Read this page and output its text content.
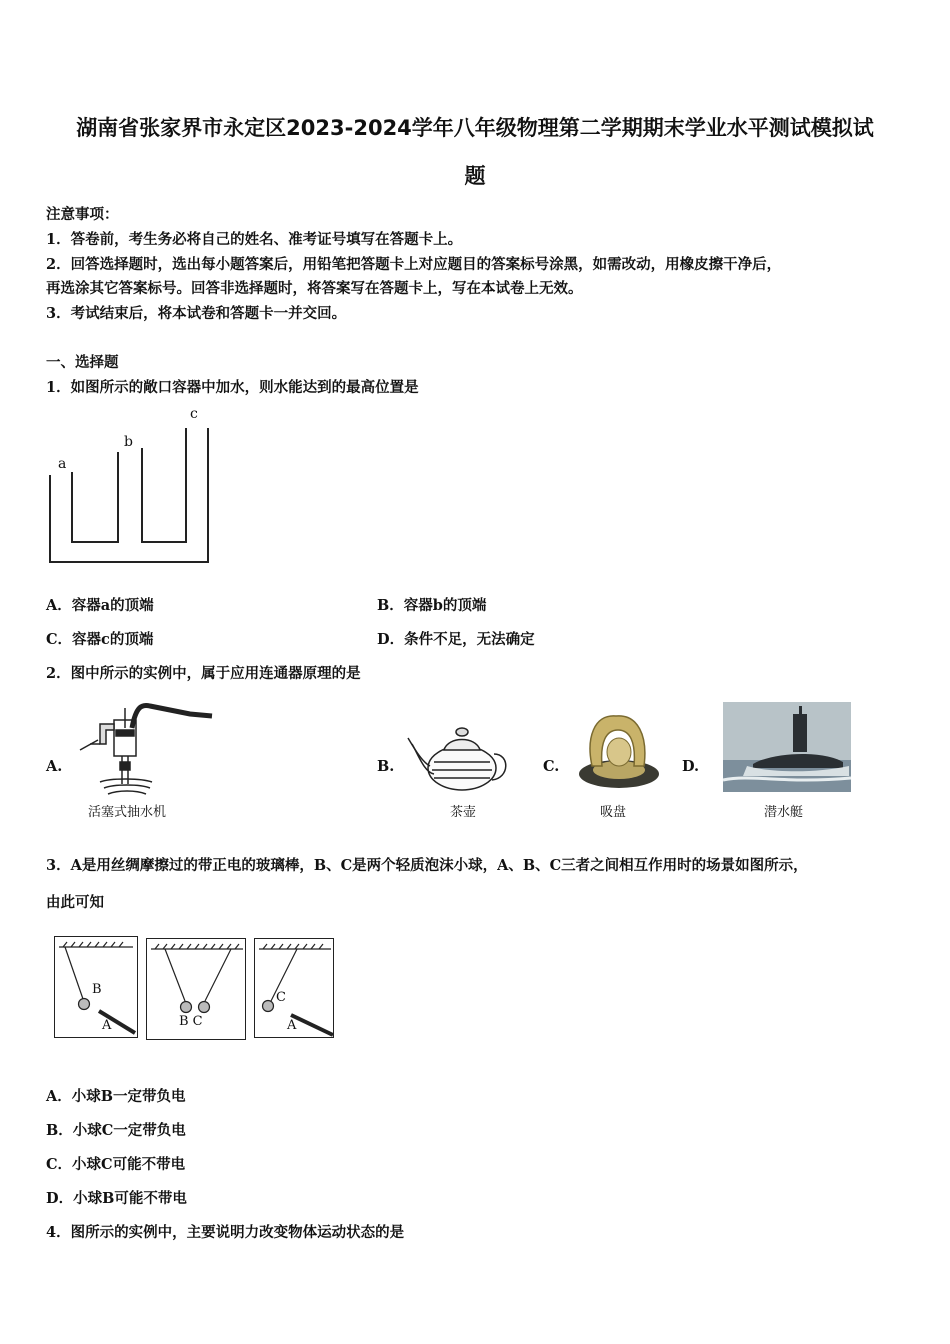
湖南省张家界市永定区2023-2024学年八年级物理第二学期期末学业水平测试模拟试
题
注意事项：
1．答卷前，考生务必将自己的姓名、准考证号填写在答题卡上。
2．回答选择题时，选出每小题答案后，用铅笔把答题卡上对应题目的答案标号涂黑，如需改动，用橡皮擦干净后，
再选涂其它答案标号。回答非选择题时，将答案写在答题卡上，写在本试卷上无效。
3．考试结束后，将本试卷和答题卡一并交回。
一、选择题
1．如图所示的敞口容器中加水，则水能达到的最高位置是
a
b
c
A．容器a的顶端	B．容器b的顶端
C．容器c的顶端	D．条件不足，无法确定
2．图中所示的实例中，属于应用连通器原理的是
A.
活塞式抽水机
B.
茶壶
C.
吸盘
D.
潜水艇
3．A是用丝绸摩擦过的带正电的玻璃棒，B、C是两个轻质泡沫小球，A、B、C三者之间相互作用时的场景如图所示，
由此可知
B
A	B C
C
A
A．小球B一定带负电
B．小球C一定带负电
C．小球C可能不带电
D．小球B可能不带电
4．图所示的实例中，主要说明力改变物体运动状态的是
